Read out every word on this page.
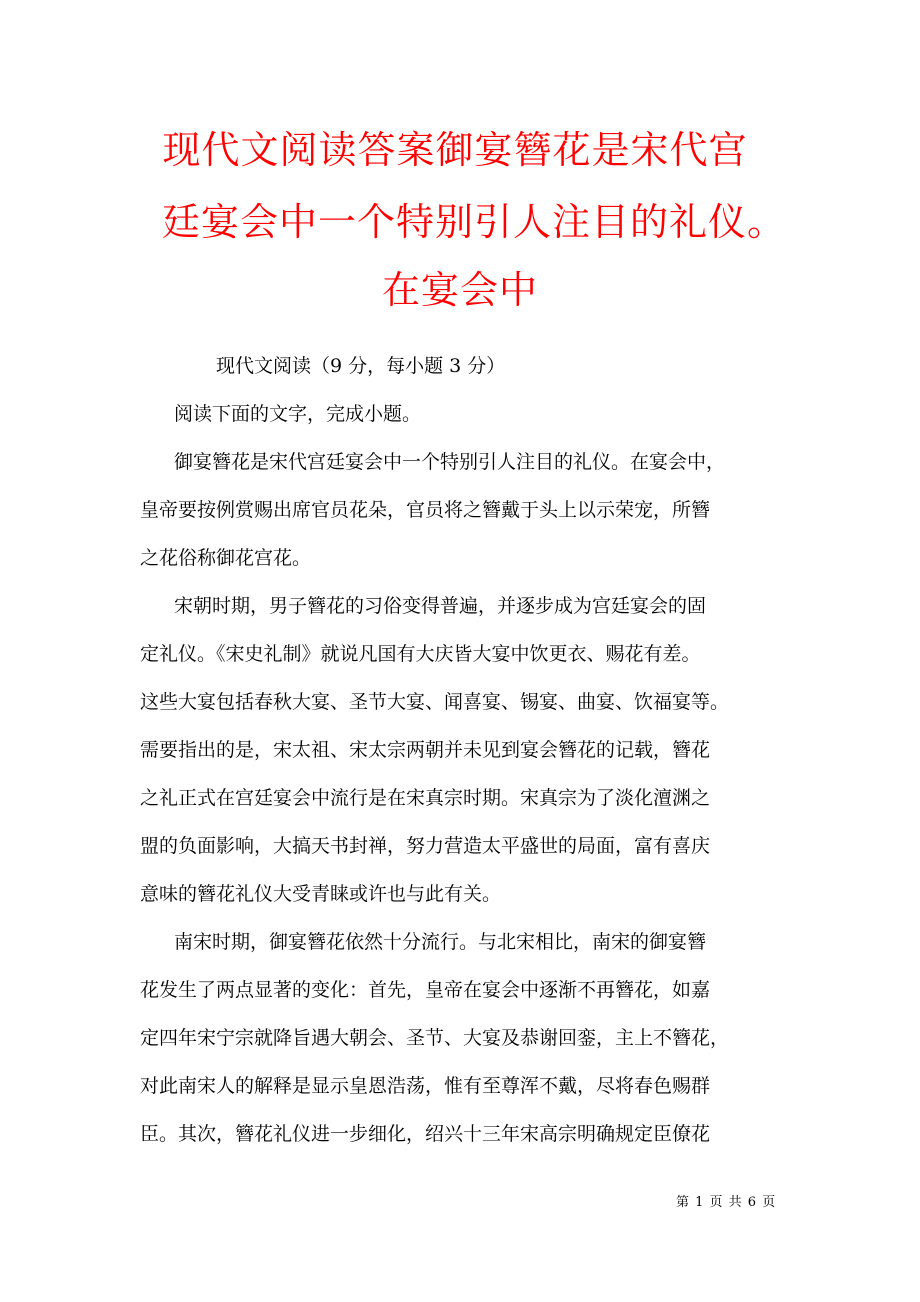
现代文阅读答案御宴簪花是宋代宫
廷宴会中一个特别引人注目的礼仪。
在宴会中
现代文阅读（9 分，每小题 3 分）
阅读下面的文字，完成小题。
御宴簪花是宋代宫廷宴会中一个特别引人注目的礼仪。在宴会中，
皇帝要按例赏赐出席官员花朵，官员将之簪戴于头上以示荣宠，所簪
之花俗称御花宫花。
宋朝时期，男子簪花的习俗变得普遍，并逐步成为宫廷宴会的固
定礼仪。《宋史礼制》就说凡国有大庆皆大宴中饮更衣、赐花有差。
这些大宴包括春秋大宴、圣节大宴、闻喜宴、锡宴、曲宴、饮福宴等。
需要指出的是，宋太祖、宋太宗两朝并未见到宴会簪花的记载，簪花
之礼正式在宫廷宴会中流行是在宋真宗时期。宋真宗为了淡化澶渊之
盟的负面影响，大搞天书封禅，努力营造太平盛世的局面，富有喜庆
意味的簪花礼仪大受青睐或许也与此有关。
南宋时期，御宴簪花依然十分流行。与北宋相比，南宋的御宴簪
花发生了两点显著的变化：首先，皇帝在宴会中逐渐不再簪花，如嘉
定四年宋宁宗就降旨遇大朝会、圣节、大宴及恭谢回銮，主上不簪花，
对此南宋人的解释是显示皇恩浩荡，惟有至尊浑不戴，尽将春色赐群
臣。其次，簪花礼仪进一步细化，绍兴十三年宋高宗明确规定臣僚花
第 1 页 共 6 页
